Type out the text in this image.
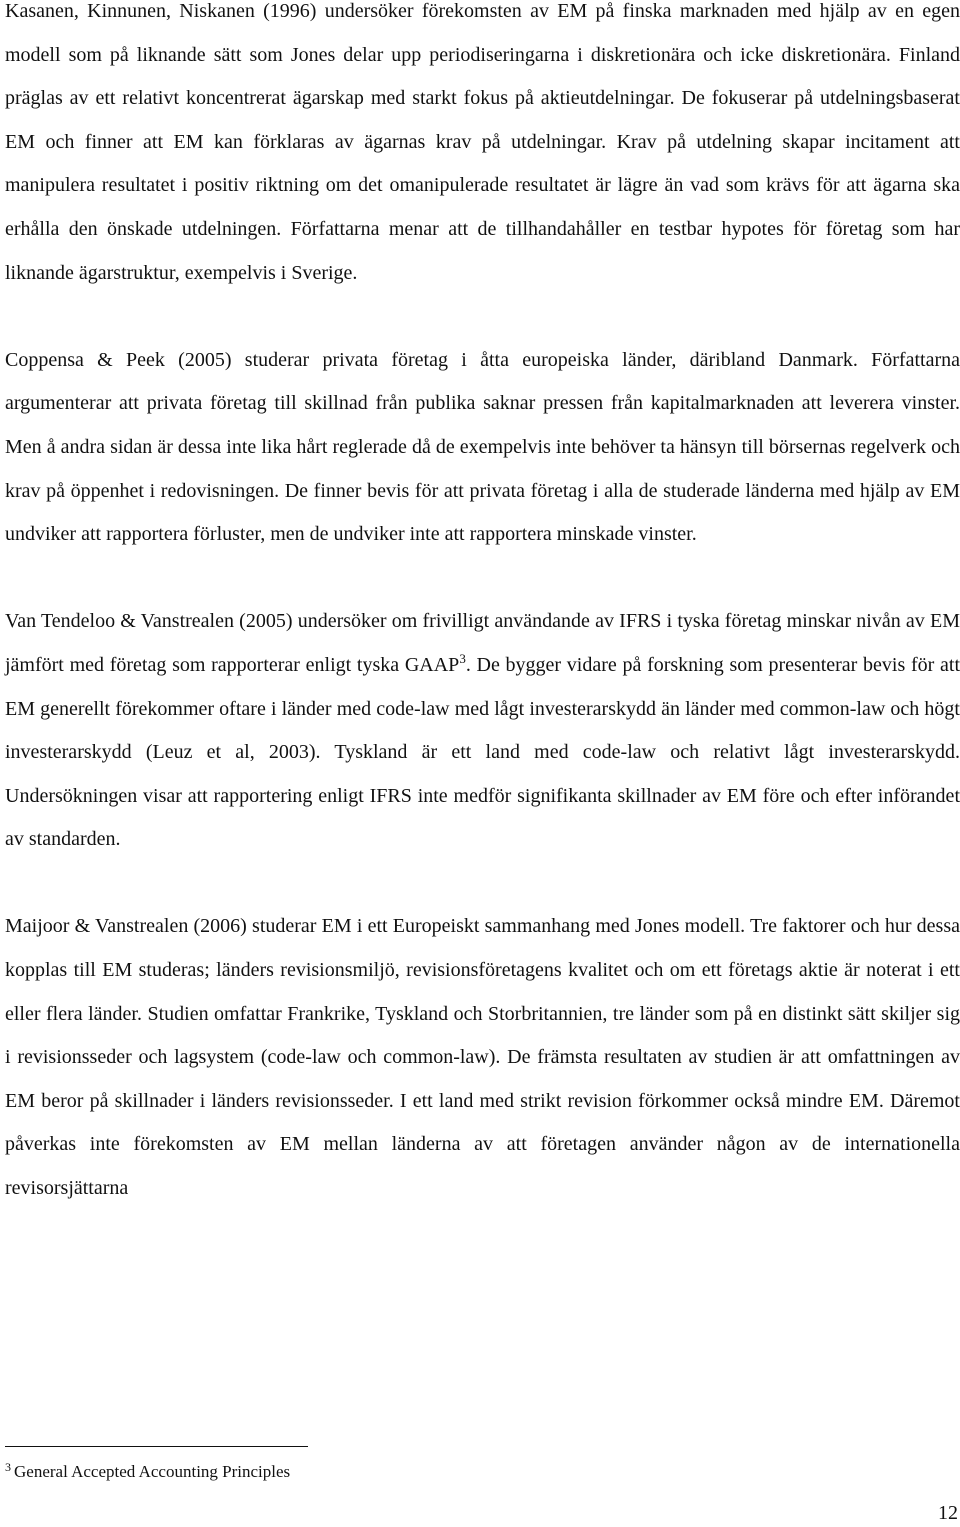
Kasanen, Kinnunen, Niskanen (1996) undersöker förekomsten av EM på finska marknaden med hjälp av en egen modell som på liknande sätt som Jones delar upp periodiseringarna i diskretionära och icke diskretionära. Finland präglas av ett relativt koncentrerat ägarskap med starkt fokus på aktieutdelningar. De fokuserar på utdelningsbaserat EM och finner att EM kan förklaras av ägarnas krav på utdelningar. Krav på utdelning skapar incitament att manipulera resultatet i positiv riktning om det omanipulerade resultatet är lägre än vad som krävs för att ägarna ska erhålla den önskade utdelningen. Författarna menar att de tillhandahåller en testbar hypotes för företag som har liknande ägarstruktur, exempelvis i Sverige.

Coppensa & Peek (2005) studerar privata företag i åtta europeiska länder, däribland Danmark. Författarna argumenterar att privata företag till skillnad från publika saknar pressen från kapitalmarknaden att leverera vinster. Men å andra sidan är dessa inte lika hårt reglerade då de exempelvis inte behöver ta hänsyn till börsernas regelverk och krav på öppenhet i redovisningen. De finner bevis för att privata företag i alla de studerade länderna med hjälp av EM undviker att rapportera förluster, men de undviker inte att rapportera minskade vinster.

Van Tendeloo & Vanstrealen (2005) undersöker om frivilligt användande av IFRS i tyska företag minskar nivån av EM jämfört med företag som rapporterar enligt tyska GAAP$^3$. De bygger vidare på forskning som presenterar bevis för att EM generellt förekommer oftare i länder med code-law med lågt investerarskydd än länder med common-law och högt investerarskydd (Leuz et al, 2003). Tyskland är ett land med code-law och relativt lågt investerarskydd. Undersökningen visar att rapportering enligt IFRS inte medför signifikanta skillnader av EM före och efter införandet av standarden.

Maijoor & Vanstrealen (2006) studerar EM i ett Europeiskt sammanhang med Jones modell. Tre faktorer och hur dessa kopplas till EM studeras; länders revisionsmiljö, revisionsföretagens kvalitet och om ett företags aktie är noterat i ett eller flera länder. Studien omfattar Frankrike, Tyskland och Storbritannien, tre länder som på en distinkt sätt skiljer sig i revisionsseder och lagsystem (code-law och common-law). De främsta resultaten av studien är att omfattningen av EM beror på skillnader i länders revisionsseder. I ett land med strikt revision förkommer också mindre EM. Däremot påverkas inte förekomsten av EM mellan länderna av att företagen använder någon av de internationella revisorsjättarna

$^3$ General Accepted Accounting Principles
12
